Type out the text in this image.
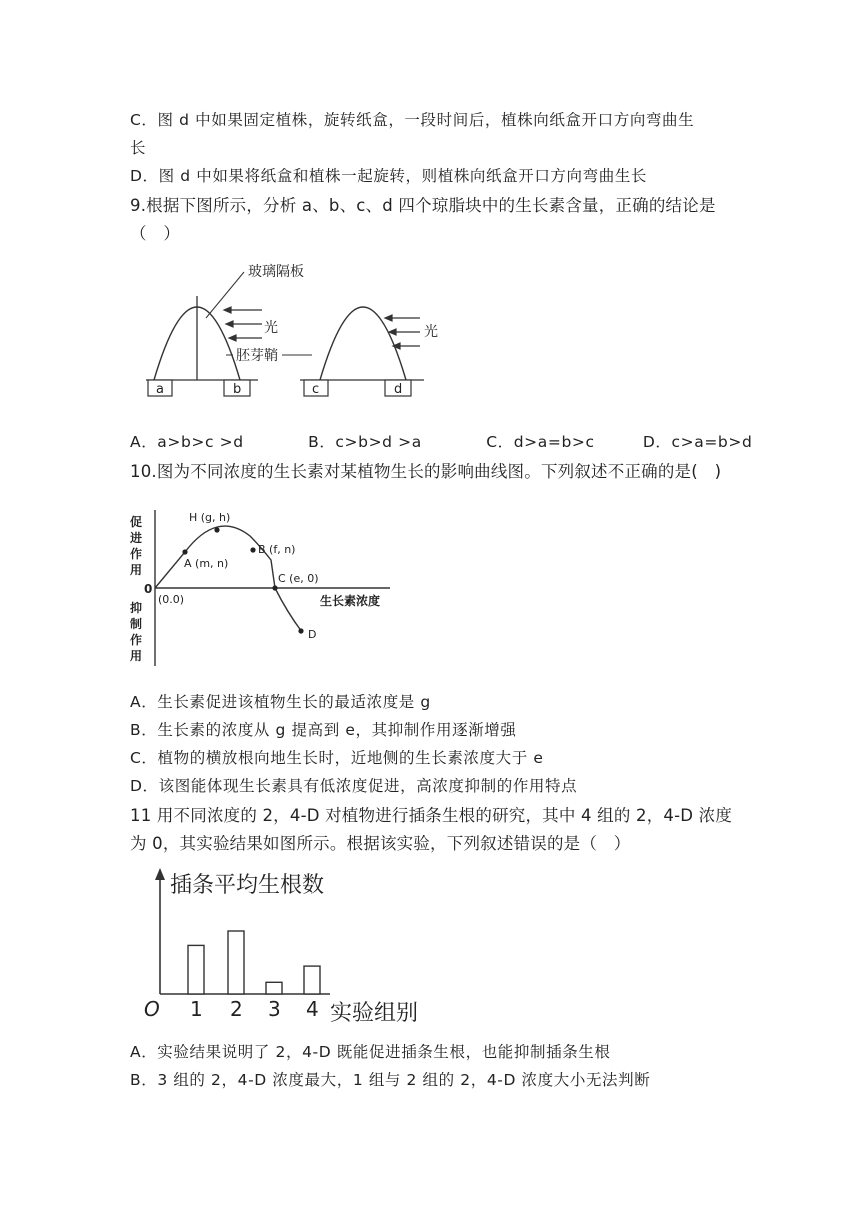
C．图 d 中如果固定植株，旋转纸盒，一段时间后，植株向纸盒开口方向弯曲生
长
D．图 d 中如果将纸盒和植株一起旋转，则植株向纸盒开口方向弯曲生长
9.根据下图所示，分析 a、b、c、d 四个琼脂块中的生长素含量，正确的结论是
（　）
a	b
玻璃隔板
光
胚芽鞘
c	d
光
A．a>b>c >d　　　　B．c>b>d >a　　　　C．d>a=b>c　　　D．c>a=b>d
10.图为不同浓度的生长素对某植物生长的影响曲线图。下列叙述不正确的是(　)
促
进
作
用
抑
制
作
用
0
(0.0)	生长素浓度
H (g, h)
A (m, n)
B (f, n)
C (e, 0)
D
A．生长素促进该植物生长的最适浓度是 g
B．生长素的浓度从 g 提高到 e，其抑制作用逐渐增强
C．植物的横放根向地生长时，近地侧的生长素浓度大于 e
D．该图能体现生长素具有低浓度促进，高浓度抑制的作用特点
11 用不同浓度的 2，4-D 对植物进行插条生根的研究，其中 4 组的 2，4-D 浓度
为 0，其实验结果如图所示。根据该实验，下列叙述错误的是（　）
插条平均生根数
O	实验组别
1 2 3 4
A．实验结果说明了 2，4-D 既能促进插条生根，也能抑制插条生根
B．3 组的 2，4-D 浓度最大，1 组与 2 组的 2，4-D 浓度大小无法判断
